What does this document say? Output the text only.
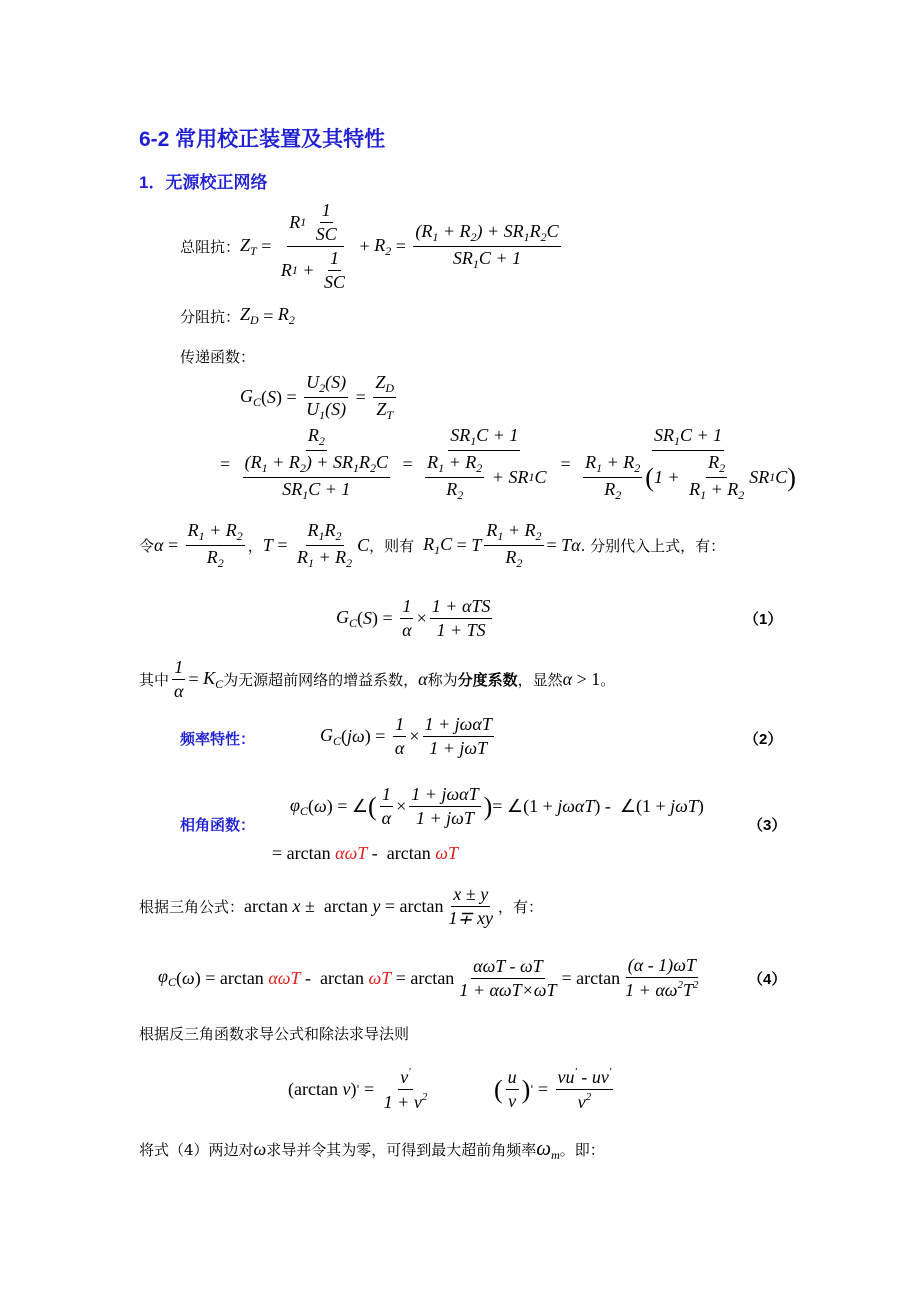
6-2 常用校正装置及其特性
1．无源校正网络
总阻抗： $Z_T = R$ 1
$\frac{1}{SC}$
R $1 + \frac{1}{SC} + R_2 = \frac{(R_1 + R_2) + SR_1R_2C}{SR_1C + 1}$
分阻抗： $Z_D = R_2$
传递函数：
$G_C$ ( S ) = $\frac{U_2(S)}{U_1(S)} = \frac{Z_D}{Z_T}$
= $\frac{R_2}{\frac{(R_1 + R_2) + SR_1R_2C}{SR_1C + 1}} = \frac{SR_1C + 1}{\frac{R_1 + R_2}{R_2} + SR 1 C} = \frac{SR_1C + 1}{\frac{R_1 + R_2}{R_2} ( 1 + \frac{R_2}{R_1 + R_2} SR 1 C )}$
令 $\alpha = \frac{R_1 + R_2}{R_2}$ ， $T = \frac{R_1R_2}{R_1 + R_2}$ C ，则有 $R_1C = T \frac{R_1 + R_2}{R_2} = T\alpha$ . 分别代入上式，有：
$G_C$ ( S ) = $\frac{1}{\alpha} \times \frac{\text{1 + αTS}}{1 + TS}$	（1）
其中 $\frac{1}{\alpha} = K_C$ 为无源超前网络的增益系数， α 称为 分度系数 ，显然 α > 1 。
频率特性：	$G_C$ ( jω ) = $\frac{1}{\alpha} \times \frac{\text{1 + jωαT}}{\text{1 + jωT}}$	（2）
相角函数：
$\varphi_C$ ( ω ) = ∠ ( $\frac{1}{\alpha} \times \frac{\text{1 + jωαT}}{\text{1 + jωT}}$ ) = ∠(1 + jωαT ) -  ∠(1 + jωT )
（3）
= arctan αωT -  arctan ωT
根据三角公式： $\arctan x \pm \arctan y = \arctan \frac{x \pm y}{1\mp xy}$ ，有：
$\varphi_C$ ( ω ) = $\arctan \alpha\omega T - \arctan \omega T = \arctan \frac{\text{αωT - ωT}}{\text{1 + αωT×ωT}} = \arctan \frac{(\alpha - 1)\omega T}{1 + \alpha\omega^2T^2}$	（4）
根据反三角函数求导公式和除法求导法则
(arctan v ) ' = $\frac{v'}{1 + v^2}$ ( $\frac{u}{v}$ ) ' = $\frac{vu' - uv'}{v^2}$
将式（4）两边对 ω 求导并令其为零，可得到最大超前角频率 $\omega_m$ 。即：
